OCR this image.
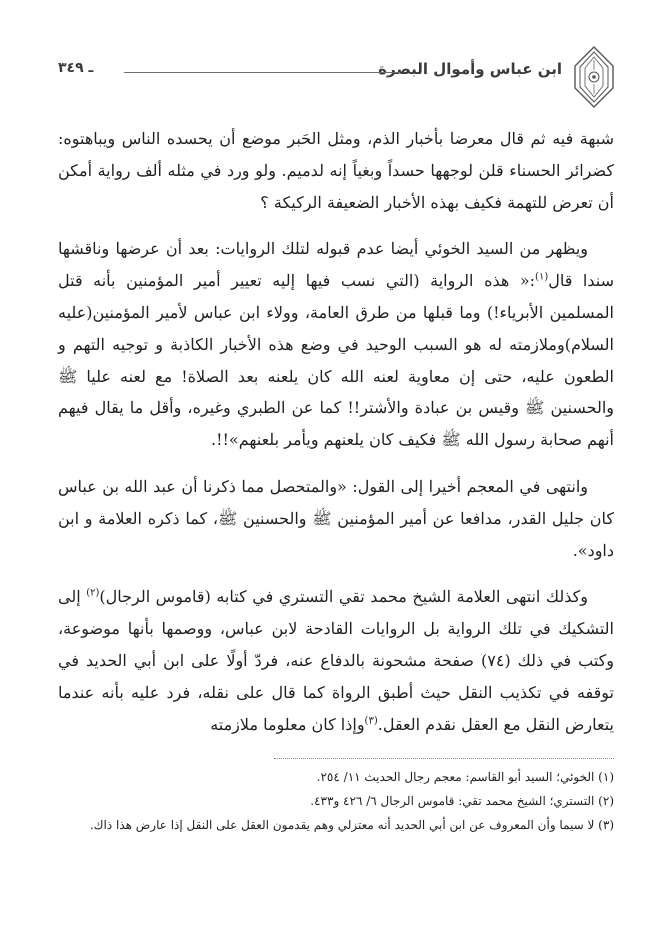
ابن عباس وأموال البصرة
ـ ٣٤٩

شبهة فيه ثم قال معرضا بأخبار الذم، ومثل الحَبر موضع أن يحسده الناس ويباهتوه: كضرائر الحسناء قلن لوجهها حسداً وبغياً إنه لدميم. ولو ورد في مثله ألف رواية أمكن أن تعرض للتهمة فكيف بهذه الأخبار الضعيفة الركيكة ؟

ويظهر من السيد الخوئي أيضا عدم قبوله لتلك الروايات: بعد أن عرضها وناقشها سندا قال$^{(١)}$:« هذه الرواية (التي نسب فيها إليه تعيير أمير المؤمنين بأنه قتل المسلمين الأبرياء!) وما قبلها من طرق العامة، وولاء ابن عباس لأمير المؤمنين(عليه السلام)وملازمته له هو السبب الوحيد في وضع هذه الأخبار الكاذبة و توجيه التهم و الطعون عليه، حتى إن معاوية لعنه الله كان يلعنه بعد الصلاة! مع لعنه عليا ﷺ والحسنين ﷺ وقيس بن عبادة والأشتر!! كما عن الطبري وغيره، وأقل ما يقال فيهم أنهم صحابة رسول الله ﷺ فكيف كان يلعنهم ويأمر بلعنهم»!!.

وانتهى في المعجم أخيرا إلى القول: «والمتحصل مما ذكرنا أن عبد الله بن عباس كان جليل القدر، مدافعا عن أمير المؤمنين ﷺ والحسنين ﷺ، كما ذكره العلامة و ابن داود».

وكذلك انتهى العلامة الشيخ محمد تقي التستري في كتابه (قاموس الرجال)$^{(٢)}$ إلى التشكيك في تلك الرواية بل الروايات القادحة لابن عباس، ووصمها بأنها موضوعة، وكتب في ذلك (٧٤) صفحة مشحونة بالدفاع عنه، فردّ أولًا على ابن أبي الحديد في توقفه في تكذيب النقل حيث أطبق الرواة كما قال على نقله، فرد عليه بأنه عندما يتعارض النقل مع العقل نقدم العقل.$^{(٣)}$وإذا كان معلوما ملازمته

(١) الخوئي؛ السيد أبو القاسم: معجم رجال الحديث ١١/ ٢٥٤.

(٢) التستري؛ الشيخ محمد تقي: قاموس الرجال ٦/ ٤٢٦ و٤٣٣.

(٣) لا سيما وأن المعروف عن ابن أبي الحديد أنه معتزلي وهم يقدمون العقل على النقل إذا عارض هذا ذاك.
